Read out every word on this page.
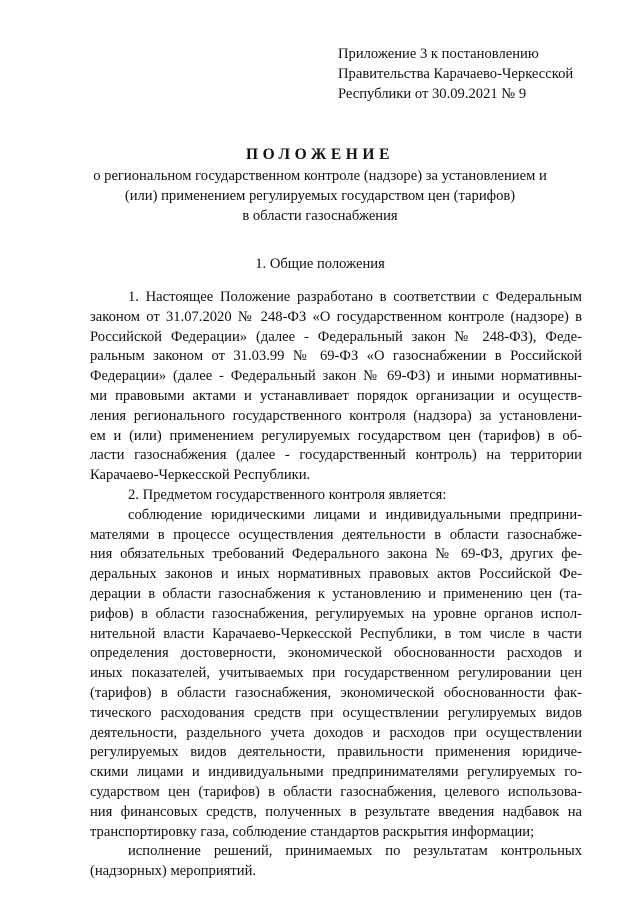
Приложение 3 к постановлению
Правительства Карачаево-Черкесской
Республики от 30.09.2021 № 9
ПОЛОЖЕНИЕ
о региональном государственном контроле (надзоре) за установлением и
(или) применением регулируемых государством цен (тарифов)
в области газоснабжения
1. Общие положения
1. Настоящее Положение разработано в соответствии с Федеральным
законом от 31.07.2020 № 248-ФЗ «О государственном контроле (надзоре) в
Российской Федерации» (далее - Федеральный закон № 248-ФЗ), Феде-
ральным законом от 31.03.99 № 69-ФЗ «О газоснабжении в Российской
Федерации» (далее - Федеральный закон № 69-ФЗ) и иными нормативны-
ми правовыми актами и устанавливает порядок организации и осуществ-
ления регионального государственного контроля (надзора) за установлени-
ем и (или) применением регулируемых государством цен (тарифов) в об-
ласти газоснабжения (далее - государственный контроль) на территории
Карачаево-Черкесской Республики.
2. Предметом государственного контроля является:
соблюдение юридическими лицами и индивидуальными предприни-
мателями в процессе осуществления деятельности в области газоснабже-
ния обязательных требований Федерального закона № 69-ФЗ, других фе-
деральных законов и иных нормативных правовых актов Российской Фе-
дерации в области газоснабжения к установлению и применению цен (та-
рифов) в области газоснабжения, регулируемых на уровне органов испол-
нительной власти Карачаево-Черкесской Республики, в том числе в части
определения достоверности, экономической обоснованности расходов и
иных показателей, учитываемых при государственном регулировании цен
(тарифов) в области газоснабжения, экономической обоснованности фак-
тического расходования средств при осуществлении регулируемых видов
деятельности, раздельного учета доходов и расходов при осуществлении
регулируемых видов деятельности, правильности применения юридиче-
скими лицами и индивидуальными предпринимателями регулируемых го-
сударством цен (тарифов) в области газоснабжения, целевого использова-
ния финансовых средств, полученных в результате введения надбавок на
транспортировку газа, соблюдение стандартов раскрытия информации;
исполнение решений, принимаемых по результатам контрольных
(надзорных) мероприятий.
